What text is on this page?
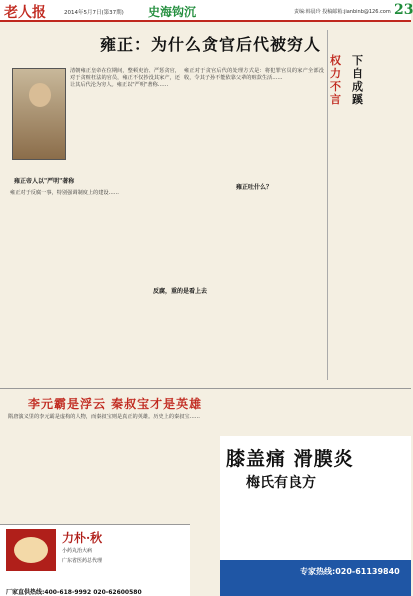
老人报	2014年5月7日(第37期) 史海钩沉	责编:韩晨玲 投稿邮箱:jianbinb@126.com 23
雍正：为什么贪官后代被穷人
雍正帝人以"严明"著称
清朝雍正皇帝在位期间，整顿吏治、严惩贪官，对于贪赃枉法的官员，雍正不仅抄没其家产，还让其后代沦为穷人。雍正以"严明"著称……
雍正对于贪官后代的处理方式是：将犯罪官员的家产全部没收，令其子孙不能依靠父辈的赃款生活……
雍正吐什么？
雍正对于反腐一事，特别强调制度上的建设……
反腐，重的是看上去
权力不言
下自成蹊
李元霸是浮云 秦叔宝才是英雄
隋唐演义里的李元霸是虚构的人物，而秦叔宝则是真正的英雄。历史上的秦叔宝……
力朴·秋
小药丸治大病
广东省医药总代理
厂家直供热线:400-618-9992 020-62600580
膝盖痛 滑膜炎
梅氏有良方
专家热线:020-61139840
